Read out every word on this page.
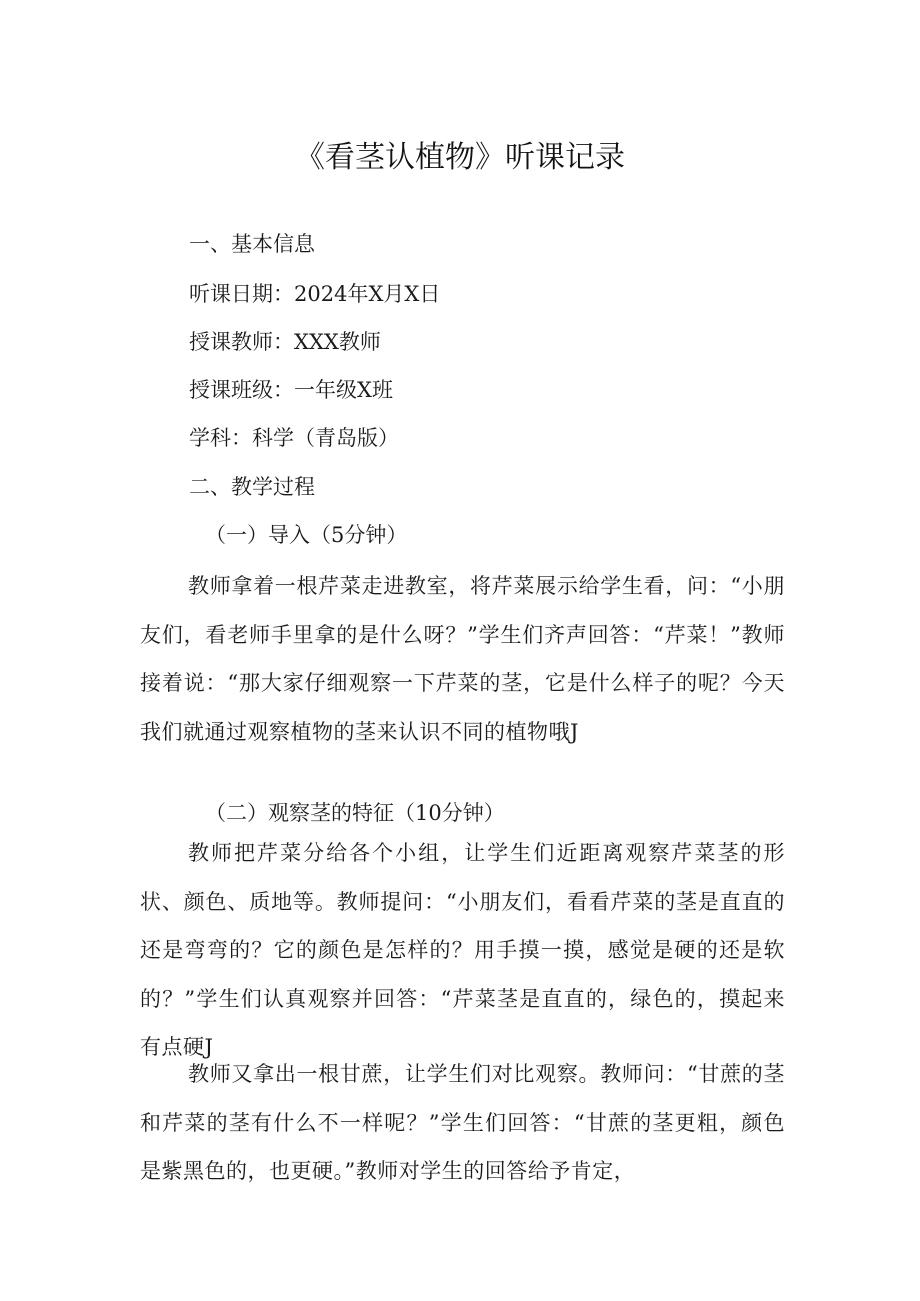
《看茎认植物》听课记录
一、基本信息
听课日期：2024年X月X日
授课教师：XXX教师
授课班级：一年级X班
学科：科学（青岛版）
二、教学过程
（一）导入（5分钟）
教师拿着一根芹菜走进教室，将芹菜展示给学生看，问：“小朋友们，看老师手里拿的是什么呀？”学生们齐声回答：“芹菜！”教师接着说：“那大家仔细观察一下芹菜的茎，它是什么样子的呢？今天我们就通过观察植物的茎来认识不同的植物哦J
（二）观察茎的特征（10分钟）
教师把芹菜分给各个小组，让学生们近距离观察芹菜茎的形状、颜色、质地等。教师提问：“小朋友们，看看芹菜的茎是直直的还是弯弯的？它的颜色是怎样的？用手摸一摸，感觉是硬的还是软的？”学生们认真观察并回答：“芹菜茎是直直的，绿色的，摸起来有点硬J
教师又拿出一根甘蔗，让学生们对比观察。教师问：“甘蔗的茎和芹菜的茎有什么不一样呢？”学生们回答：“甘蔗的茎更粗，颜色是紫黑色的，也更硬。”教师对学生的回答给予肯定，
